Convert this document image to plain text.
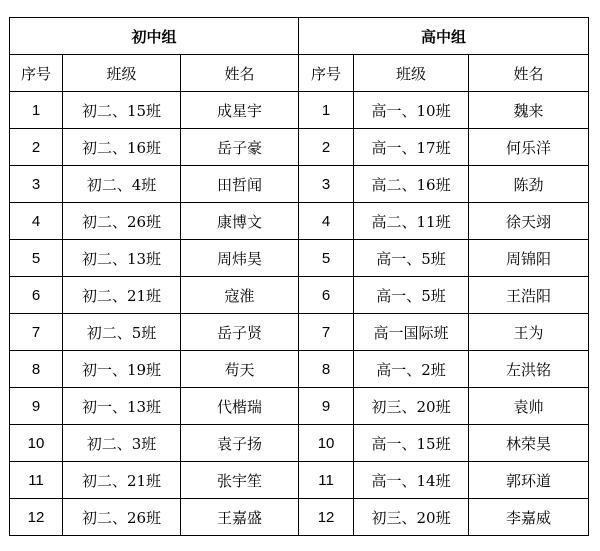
初中组			高中组		
序号	班级	姓名	序号	班级	姓名
1	初二、15班	成星宇	1	高一、10班	魏来
2	初二、16班	岳子豪	2	高一、17班	何乐洋
3	初二、4班	田哲闻	3	高二、16班	陈劲
4	初二、26班	康博文	4	高二、11班	徐天翊
5	初二、13班	周炜昊	5	高一、5班	周锦阳
6	初二、21班	寇淮	6	高一、5班	王浩阳
7	初二、5班	岳子贤	7	高一国际班	王为
8	初一、19班	苟天	8	高一、2班	左洪铭
9	初一、13班	代楷瑞	9	初三、20班	袁帅
10	初二、3班	袁子扬	10	高一、15班	林荣昊
11	初二、21班	张宇笙	11	高一、14班	郭环道
12	初二、26班	王嘉盛	12	初三、20班	李嘉威
